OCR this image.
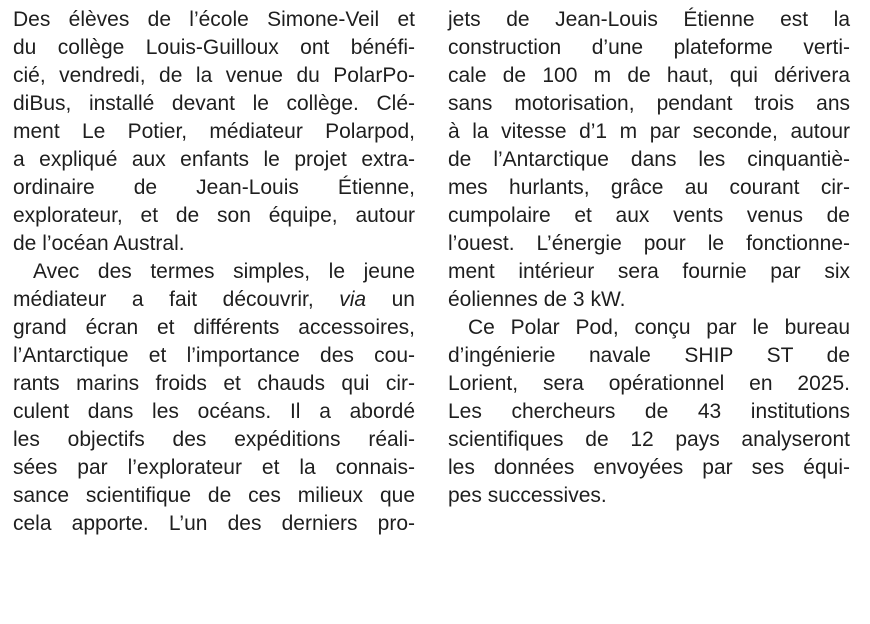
Des élèves de l’école Simone-Veil et
du collège Louis-Guilloux ont bénéfi-
cié, vendredi, de la venue du PolarPo-
diBus, installé devant le collège. Clé-
ment Le Potier, médiateur Polarpod,
a expliqué aux enfants le projet extra-
ordinaire de Jean-Louis Étienne,
explorateur, et de son équipe, autour
de l’océan Austral.
Avec des termes simples, le jeune
médiateur a fait découvrir, via un
grand écran et différents accessoires,
l’Antarctique et l’importance des cou-
rants marins froids et chauds qui cir-
culent dans les océans. Il a abordé
les objectifs des expéditions réali-
sées par l’explorateur et la connais-
sance scientifique de ces milieux que
cela apporte. L’un des derniers pro-
jets de Jean-Louis Étienne est la
construction d’une plateforme verti-
cale de 100 m de haut, qui dérivera
sans motorisation, pendant trois ans
à la vitesse d’1 m par seconde, autour
de l’Antarctique dans les cinquantiè-
mes hurlants, grâce au courant cir-
cumpolaire et aux vents venus de
l’ouest. L’énergie pour le fonctionne-
ment intérieur sera fournie par six
éoliennes de 3 kW.
Ce Polar Pod, conçu par le bureau
d’ingénierie navale SHIP ST de
Lorient, sera opérationnel en 2025.
Les chercheurs de 43 institutions
scientifiques de 12 pays analyseront
les données envoyées par ses équi-
pes successives.
